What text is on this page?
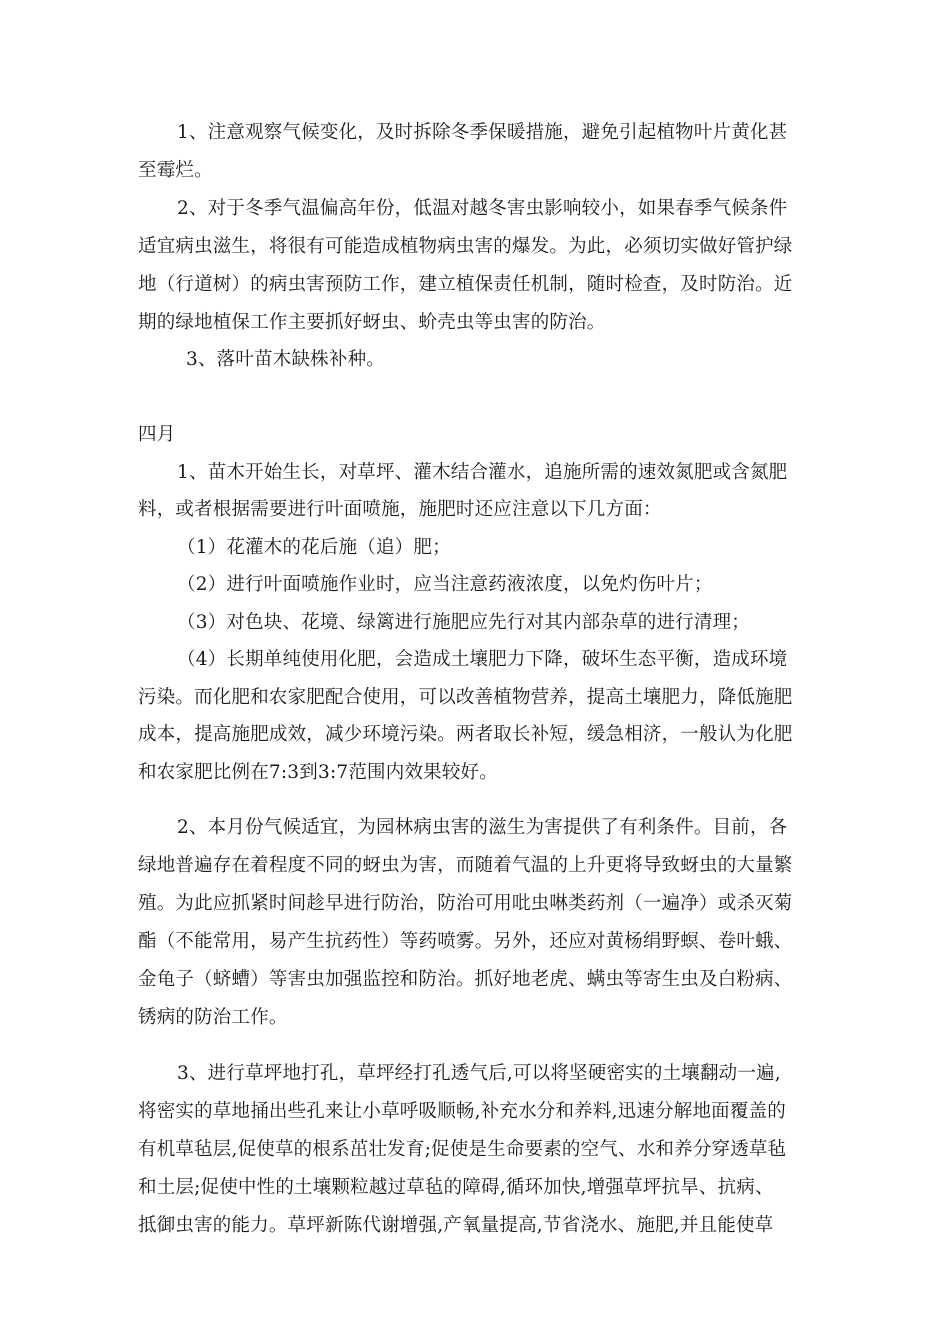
1、注意观察气候变化，及时拆除冬季保暖措施，避免引起植物叶片黄化甚
至霉烂。
2、对于冬季气温偏高年份，低温对越冬害虫影响较小，如果春季气候条件
适宜病虫滋生，将很有可能造成植物病虫害的爆发。为此，必须切实做好管护绿
地（行道树）的病虫害预防工作，建立植保责任机制，随时检查，及时防治。近
期的绿地植保工作主要抓好蚜虫、蚧壳虫等虫害的防治。
3、落叶苗木缺株补种。
四月
1、苗木开始生长，对草坪、灌木结合灌水，追施所需的速效氮肥或含氮肥
料，或者根据需要进行叶面喷施，施肥时还应注意以下几方面：
（1）花灌木的花后施（追）肥；
（2）进行叶面喷施作业时，应当注意药液浓度，以免灼伤叶片；
（3）对色块、花境、绿篱进行施肥应先行对其内部杂草的进行清理；
（4）长期单纯使用化肥，会造成土壤肥力下降，破坏生态平衡，造成环境
污染。而化肥和农家肥配合使用，可以改善植物营养，提高土壤肥力，降低施肥
成本，提高施肥成效，减少环境污染。两者取长补短，缓急相济，一般认为化肥
和农家肥比例在7:3到3:7范围内效果较好。
2、本月份气候适宜，为园林病虫害的滋生为害提供了有利条件。目前，各
绿地普遍存在着程度不同的蚜虫为害，而随着气温的上升更将导致蚜虫的大量繁
殖。为此应抓紧时间趁早进行防治，防治可用吡虫啉类药剂（一遍净）或杀灭菊
酯（不能常用，易产生抗药性）等药喷雾。另外，还应对黄杨绢野螟、卷叶蛾、
金龟子（蛴螬）等害虫加强监控和防治。抓好地老虎、螨虫等寄生虫及白粉病、
锈病的防治工作。
3、进行草坪地打孔，草坪经打孔透气后,可以将坚硬密实的土壤翻动一遍,
将密实的草地捅出些孔来让小草呼吸顺畅,补充水分和养料,迅速分解地面覆盖的
有机草毡层,促使草的根系茁壮发育;促使是生命要素的空气、水和养分穿透草毡
和土层;促使中性的土壤颗粒越过草毡的障碍,循环加快,增强草坪抗旱、抗病、
抵御虫害的能力。草坪新陈代谢增强,产氧量提高,节省浇水、施肥,并且能使草
